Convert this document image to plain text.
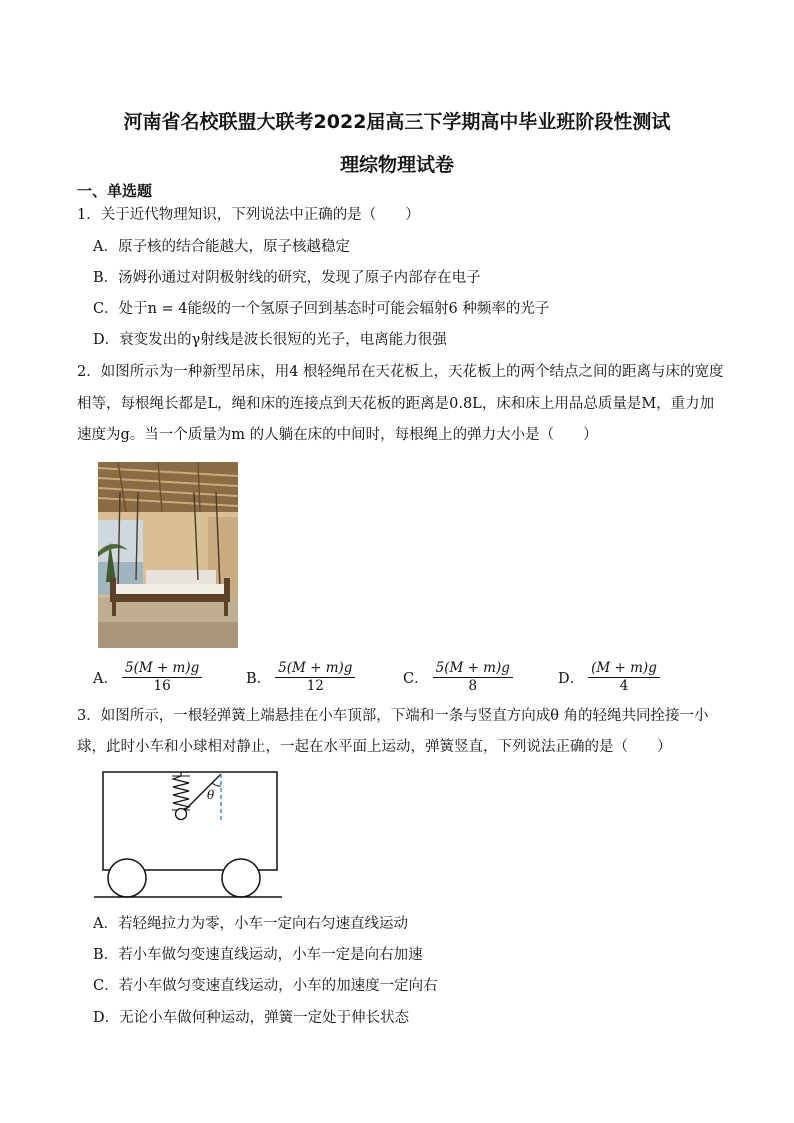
河南省名校联盟大联考2022届高三下学期高中毕业班阶段性测试
理综物理试卷
一、单选题
1．关于近代物理知识，下列说法中正确的是（　　）
A．原子核的结合能越大，原子核越稳定
B．汤姆孙通过对阴极射线的研究，发现了原子内部存在电子
C．处于n = 4能级的一个氢原子回到基态时可能会辐射6 种频率的光子
D．衰变发出的γ射线是波长很短的光子，电离能力很强
2．如图所示为一种新型吊床，用4 根轻绳吊在天花板上，天花板上的两个结点之间的距离与床的宽度
相等，每根绳长都是L，绳和床的连接点到天花板的距离是0.8L，床和床上用品总质量是M，重力加
速度为g。当一个质量为m 的人躺在床的中间时，每根绳上的弹力大小是（　　）
A． $\frac{5(M + m)g}{16}$	B． $\frac{5(M + m)g}{12}$	C． $\frac{5(M + m)g}{8}$	D． $\frac{(M + m)g}{4}$
3．如图所示，一根轻弹簧上端悬挂在小车顶部，下端和一条与竖直方向成θ 角的轻绳共同拴接一小
球，此时小车和小球相对静止，一起在水平面上运动，弹簧竖直，下列说法正确的是（　　）
θ
A．若轻绳拉力为零，小车一定向右匀速直线运动
B．若小车做匀变速直线运动，小车一定是向右加速
C．若小车做匀变速直线运动，小车的加速度一定向右
D．无论小车做何种运动，弹簧一定处于伸长状态
